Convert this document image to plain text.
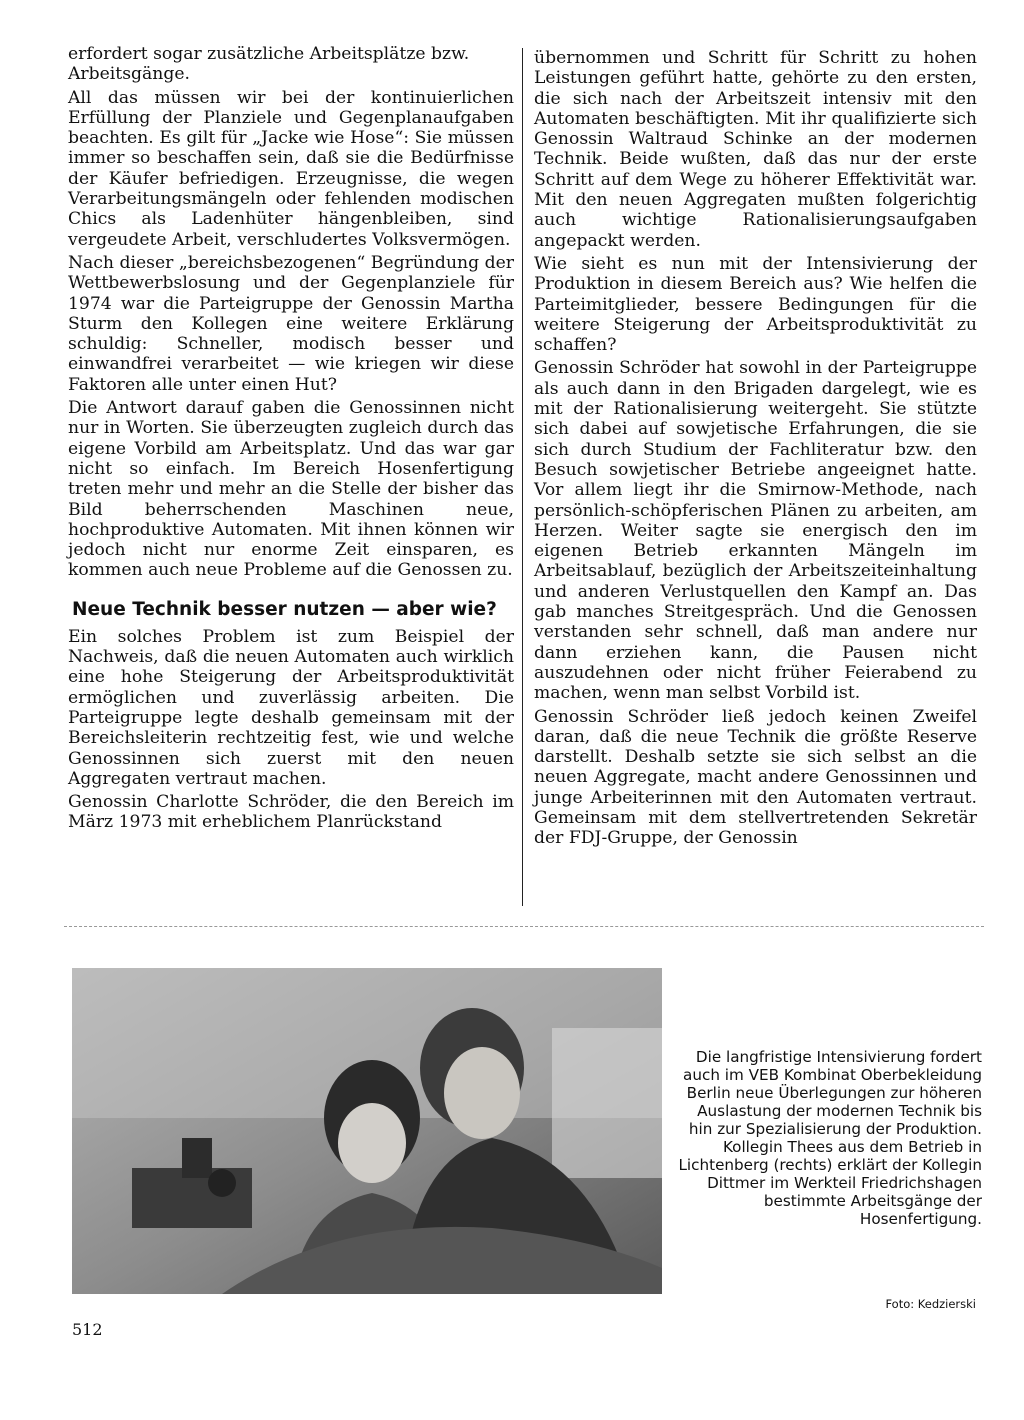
erfordert sogar zusätzliche Arbeitsplätze bzw. Arbeitsgänge.

All das müssen wir bei der kontinuierlichen Erfüllung der Planziele und Gegenplanaufgaben beachten. Es gilt für „Jacke wie Hose“: Sie müssen immer so beschaffen sein, daß sie die Bedürfnisse der Käufer befriedigen. Erzeugnisse, die wegen Verarbeitungsmängeln oder fehlenden modischen Chics als Ladenhüter hängenbleiben, sind vergeudete Arbeit, verschludertes Volksvermögen.

Nach dieser „bereichsbezogenen“ Begründung der Wettbewerbslosung und der Gegenplanziele für 1974 war die Parteigruppe der Genossin Martha Sturm den Kollegen eine weitere Erklärung schuldig: Schneller, modisch besser und einwandfrei verarbeitet — wie kriegen wir diese Faktoren alle unter einen Hut?

Die Antwort darauf gaben die Genossinnen nicht nur in Worten. Sie überzeugten zugleich durch das eigene Vorbild am Arbeitsplatz. Und das war gar nicht so einfach. Im Bereich Hosenfertigung treten mehr und mehr an die Stelle der bisher das Bild beherrschenden Maschinen neue, hochproduktive Automaten. Mit ihnen können wir jedoch nicht nur enorme Zeit einsparen, es kommen auch neue Probleme auf die Genossen zu.

Neue Technik besser nutzen — aber wie?

Ein solches Problem ist zum Beispiel der Nachweis, daß die neuen Automaten auch wirklich eine hohe Steigerung der Arbeitsproduktivität ermöglichen und zuverlässig arbeiten. Die Parteigruppe legte deshalb gemeinsam mit der Bereichsleiterin rechtzeitig fest, wie und welche Genossinnen sich zuerst mit den neuen Aggregaten vertraut machen.

Genossin Charlotte Schröder, die den Bereich im März 1973 mit erheblichem Planrückstand

übernommen und Schritt für Schritt zu hohen Leistungen geführt hatte, gehörte zu den ersten, die sich nach der Arbeitszeit intensiv mit den Automaten beschäftigten. Mit ihr qualifizierte sich Genossin Waltraud Schinke an der modernen Technik. Beide wußten, daß das nur der erste Schritt auf dem Wege zu höherer Effektivität war. Mit den neuen Aggregaten mußten folgerichtig auch wichtige Rationalisierungsaufgaben angepackt werden.

Wie sieht es nun mit der Intensivierung der Produktion in diesem Bereich aus? Wie helfen die Parteimitglieder, bessere Bedingungen für die weitere Steigerung der Arbeitsproduktivität zu schaffen?

Genossin Schröder hat sowohl in der Parteigruppe als auch dann in den Brigaden dargelegt, wie es mit der Rationalisierung weitergeht. Sie stützte sich dabei auf sowjetische Erfahrungen, die sie sich durch Studium der Fachliteratur bzw. den Besuch sowjetischer Betriebe angeeignet hatte. Vor allem liegt ihr die Smirnow-Methode, nach persönlich-schöpferischen Plänen zu arbeiten, am Herzen. Weiter sagte sie energisch den im eigenen Betrieb erkannten Mängeln im Arbeitsablauf, bezüglich der Arbeitszeiteinhaltung und anderen Verlustquellen den Kampf an. Das gab manches Streitgespräch. Und die Genossen verstanden sehr schnell, daß man andere nur dann erziehen kann, die Pausen nicht auszudehnen oder nicht früher Feierabend zu machen, wenn man selbst Vorbild ist.

Genossin Schröder ließ jedoch keinen Zweifel daran, daß die neue Technik die größte Reserve darstellt. Deshalb setzte sie sich selbst an die neuen Aggregate, macht andere Genossinnen und junge Arbeiterinnen mit den Automaten vertraut. Gemeinsam mit dem stellvertretenden Sekretär der FDJ-Gruppe, der Genossin

Die langfristige Intensivierung fordert auch im VEB Kombinat Oberbekleidung Berlin neue Überlegungen zur höheren Auslastung der modernen Technik bis hin zur Spezialisierung der Produktion. Kollegin Thees aus dem Betrieb in Lichtenberg (rechts) erklärt der Kollegin Dittmer im Werkteil Friedrichshagen bestimmte Arbeitsgänge der Hosenfertigung.
Foto: Kedzierski
512
